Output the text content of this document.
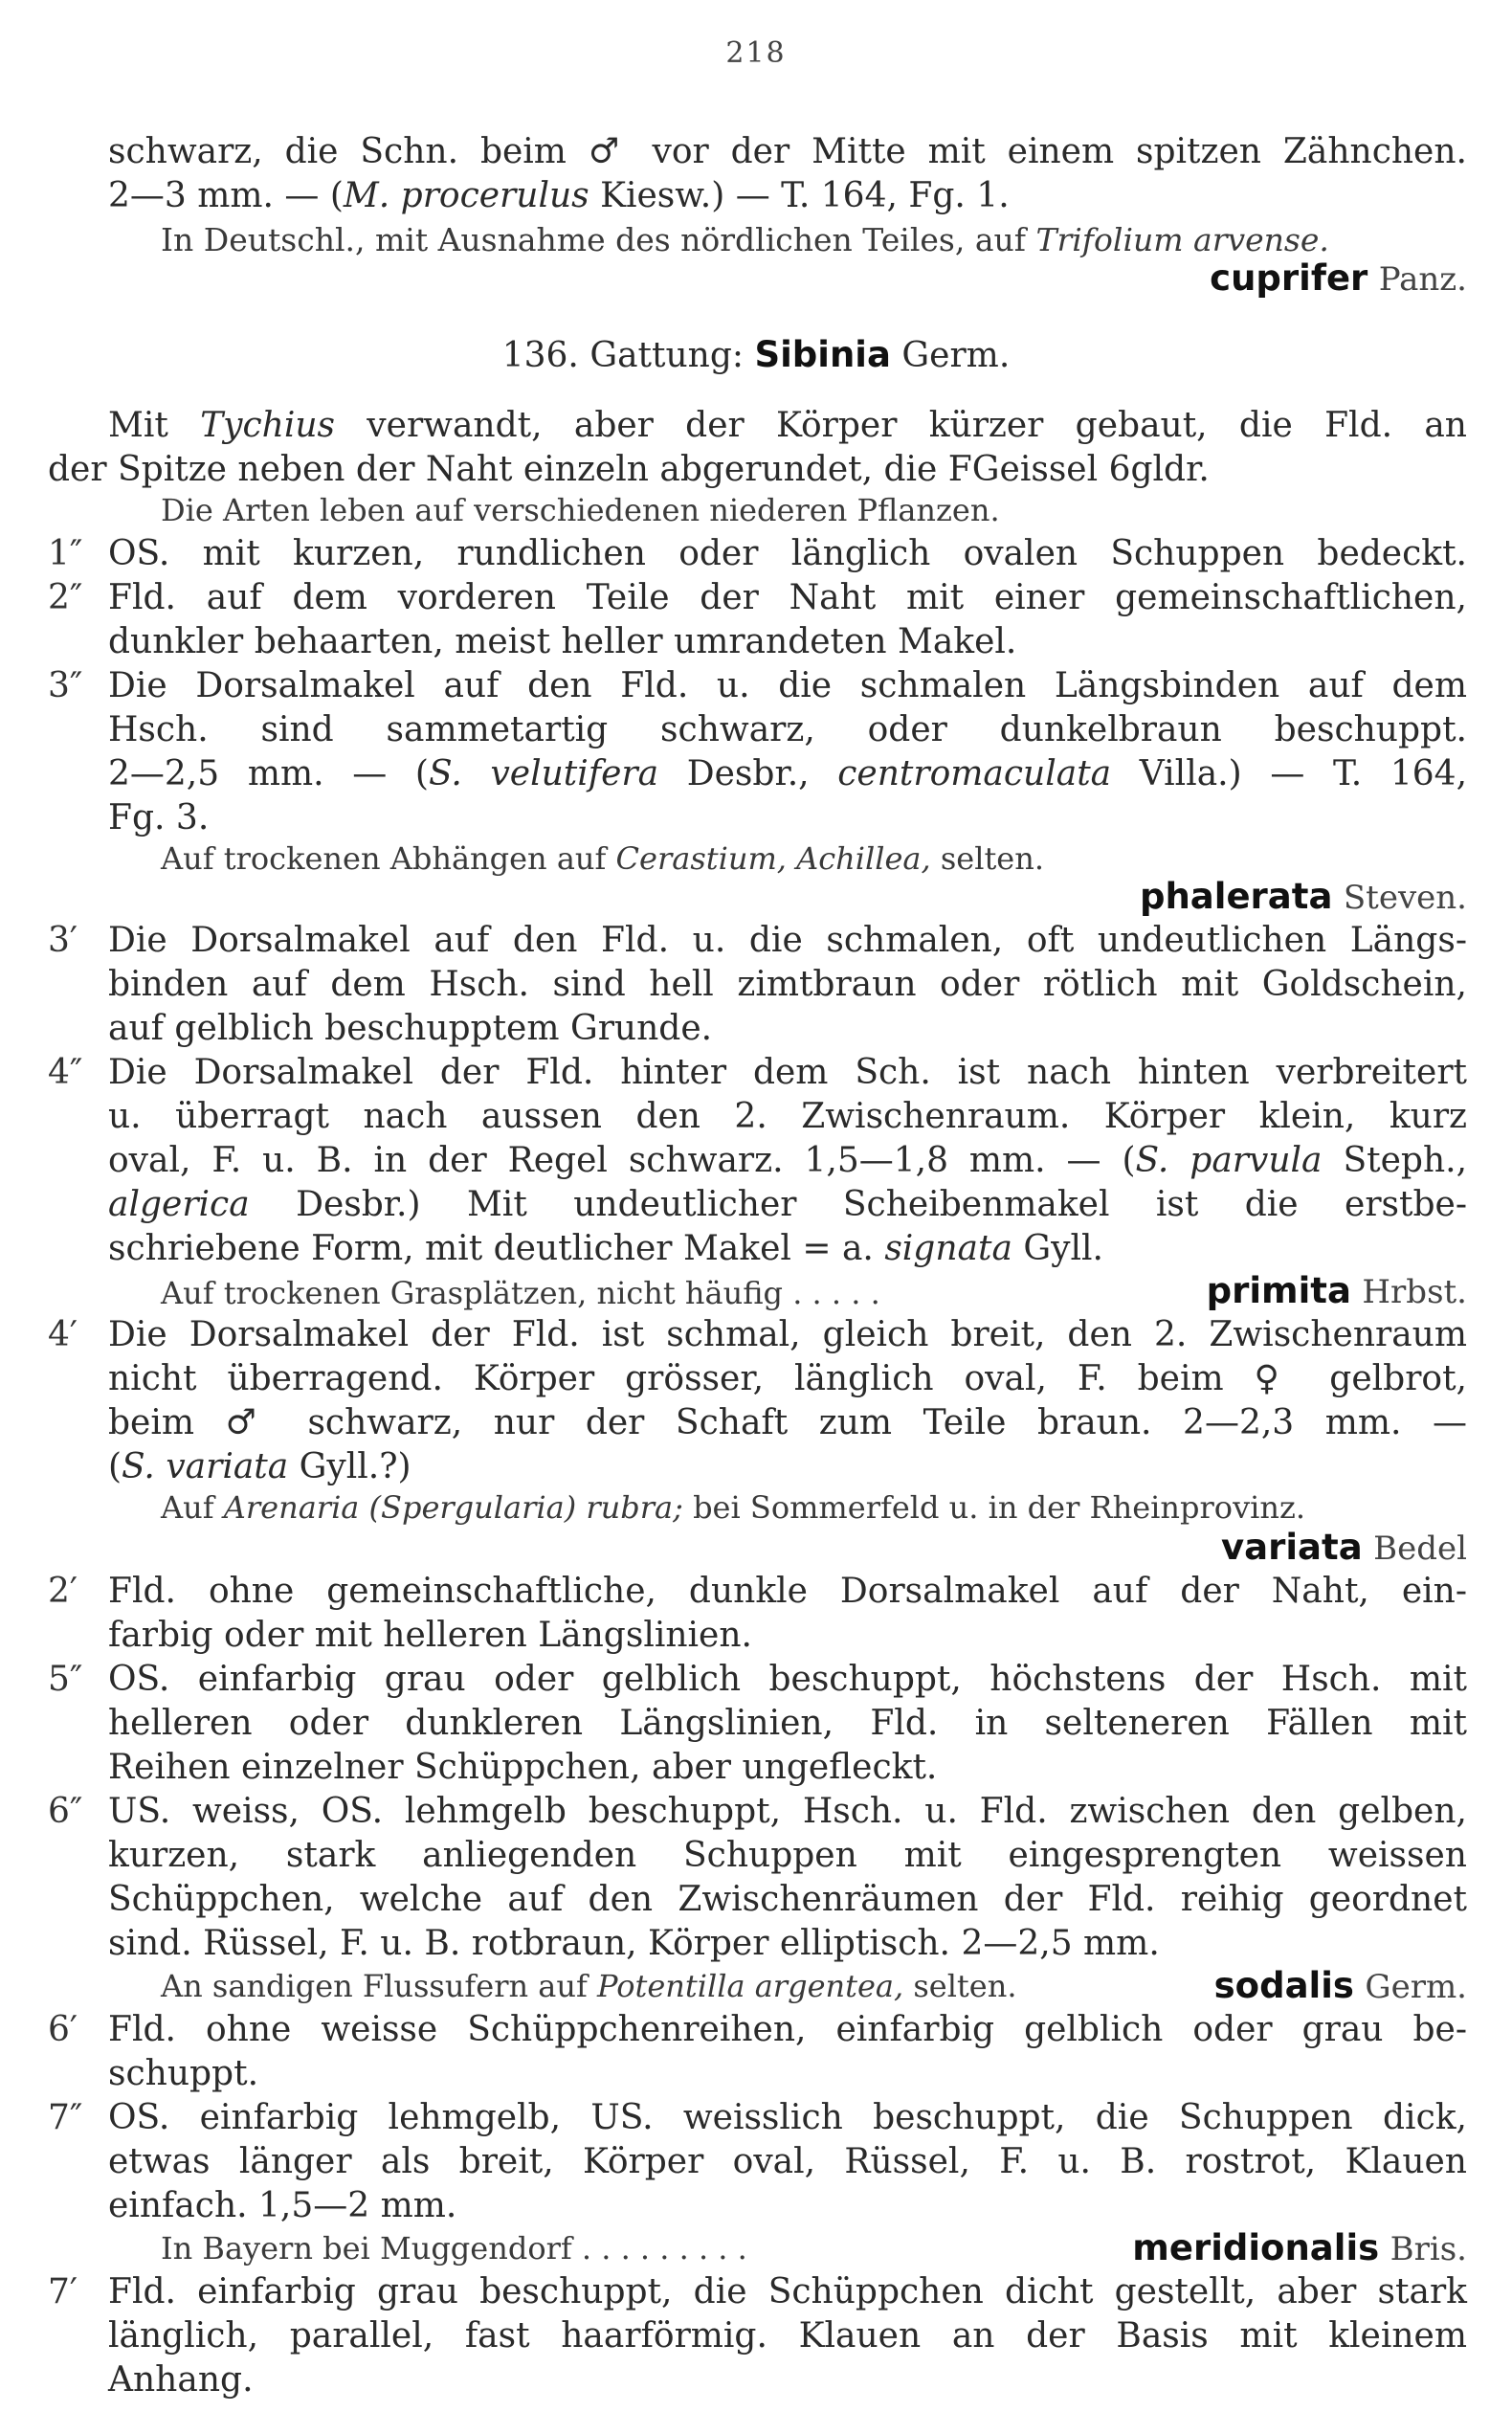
218
schwarz, die Schn. beim ♂ vor der Mitte mit einem spitzen Zähnchen.
2—3 mm. — (M. procerulus Kiesw.) — T. 164, Fg. 1.
In Deutschl., mit Ausnahme des nördlichen Teiles, auf Trifolium arvense.
cuprifer Panz.
136. Gattung: Sibinia Germ.
Mit Tychius verwandt, aber der Körper kürzer gebaut, die Fld. an
der Spitze neben der Naht einzeln abgerundet, die FGeissel 6gldr.
Die Arten leben auf verschiedenen niederen Pflanzen.
1″ OS. mit kurzen, rundlichen oder länglich ovalen Schuppen bedeckt.
2″ Fld. auf dem vorderen Teile der Naht mit einer gemeinschaftlichen,
dunkler behaarten, meist heller umrandeten Makel.
3″ Die Dorsalmakel auf den Fld. u. die schmalen Längsbinden auf dem
Hsch. sind sammetartig schwarz, oder dunkelbraun beschuppt.
2—2,5 mm. — (S. velutifera Desbr., centromaculata Villa.) — T. 164,
Fg. 3.
Auf trockenen Abhängen auf Cerastium, Achillea, selten.
phalerata Steven.
3′ Die Dorsalmakel auf den Fld. u. die schmalen, oft undeutlichen Längs-
binden auf dem Hsch. sind hell zimtbraun oder rötlich mit Goldschein,
auf gelblich beschupptem Grunde.
4″ Die Dorsalmakel der Fld. hinter dem Sch. ist nach hinten verbreitert
u. überragt nach aussen den 2. Zwischenraum. Körper klein, kurz
oval, F. u. B. in der Regel schwarz. 1,5—1,8 mm. — (S. parvula Steph.,
algerica Desbr.) Mit undeutlicher Scheibenmakel ist die erstbe-
schriebene Form, mit deutlicher Makel = a. signata Gyll.
Auf trockenen Grasplätzen, nicht häufig . . . . .	primita Hrbst.
4′ Die Dorsalmakel der Fld. ist schmal, gleich breit, den 2. Zwischenraum
nicht überragend. Körper grösser, länglich oval, F. beim ♀ gelbrot,
beim ♂ schwarz, nur der Schaft zum Teile braun. 2—2,3 mm. —
(S. variata Gyll.?)
Auf Arenaria (Spergularia) rubra; bei Sommerfeld u. in der Rheinprovinz.
variata Bedel
2′ Fld. ohne gemeinschaftliche, dunkle Dorsalmakel auf der Naht, ein-
farbig oder mit helleren Längslinien.
5″ OS. einfarbig grau oder gelblich beschuppt, höchstens der Hsch. mit
helleren oder dunkleren Längslinien, Fld. in selteneren Fällen mit
Reihen einzelner Schüppchen, aber ungefleckt.
6″ US. weiss, OS. lehmgelb beschuppt, Hsch. u. Fld. zwischen den gelben,
kurzen, stark anliegenden Schuppen mit eingesprengten weissen
Schüppchen, welche auf den Zwischenräumen der Fld. reihig geordnet
sind. Rüssel, F. u. B. rotbraun, Körper elliptisch. 2—2,5 mm.
An sandigen Flussufern auf Potentilla argentea, selten.	sodalis Germ.
6′ Fld. ohne weisse Schüppchenreihen, einfarbig gelblich oder grau be-
schuppt.
7″ OS. einfarbig lehmgelb, US. weisslich beschuppt, die Schuppen dick,
etwas länger als breit, Körper oval, Rüssel, F. u. B. rostrot, Klauen
einfach. 1,5—2 mm.
In Bayern bei Muggendorf . . . . . . . . .	meridionalis Bris.
7′ Fld. einfarbig grau beschuppt, die Schüppchen dicht gestellt, aber stark
länglich, parallel, fast haarförmig. Klauen an der Basis mit kleinem
Anhang.
